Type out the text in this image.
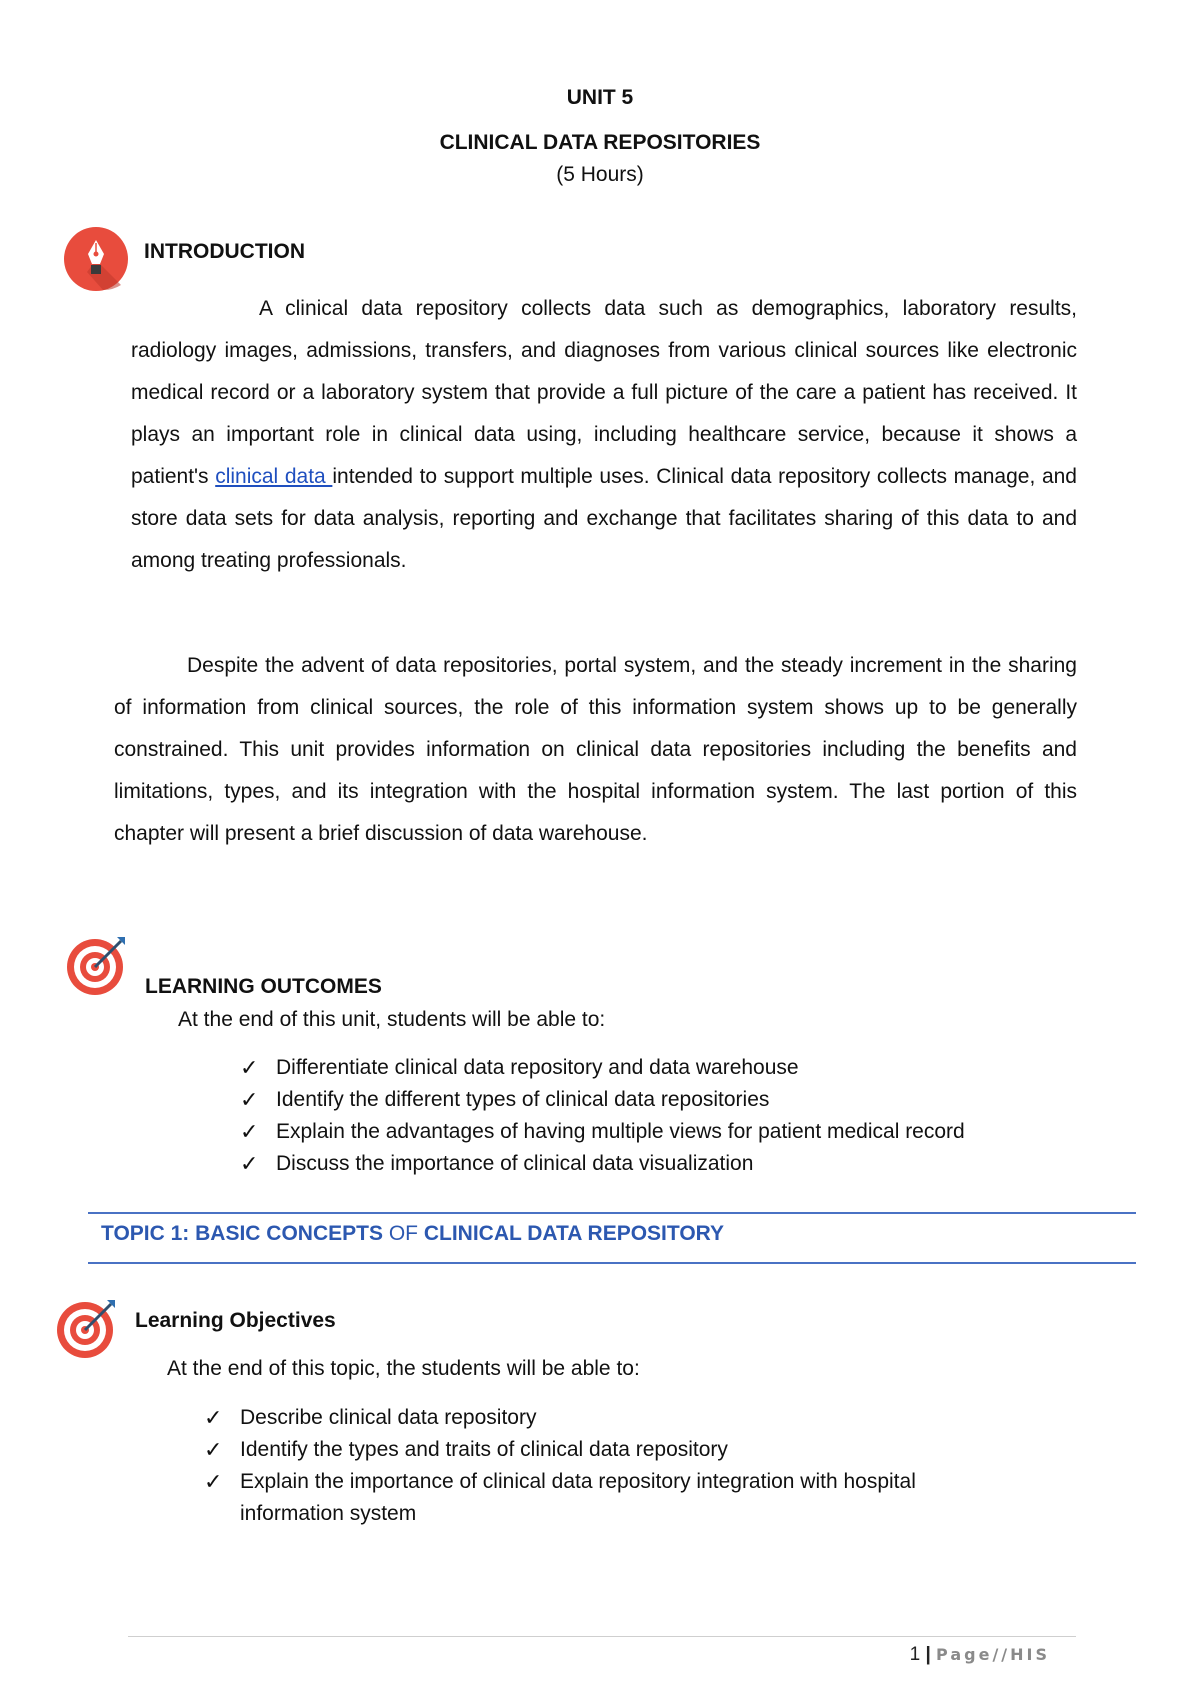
UNIT 5
CLINICAL DATA REPOSITORIES
(5 Hours)
INTRODUCTION
A clinical data repository collects data such as demographics, laboratory results, radiology images, admissions, transfers, and diagnoses from various clinical sources like electronic medical record or a laboratory system that provide a full picture of the care a patient has received. It plays an important role in clinical data using, including healthcare service, because it shows a patient's clinical data intended to support multiple uses. Clinical data repository collects manage, and store data sets for data analysis, reporting and exchange that facilitates sharing of this data to and among treating professionals.
Despite the advent of data repositories, portal system, and the steady increment in the sharing of information from clinical sources, the role of this information system shows up to be generally constrained. This unit provides information on clinical data repositories including the benefits and limitations, types, and its integration with the hospital information system. The last portion of this chapter will present a brief discussion of data warehouse.
LEARNING OUTCOMES
At the end of this unit, students will be able to:
✓ Differentiate clinical data repository and data warehouse
✓ Identify the different types of clinical data repositories
✓ Explain the advantages of having multiple views for patient medical record
✓ Discuss the importance of clinical data visualization
TOPIC 1: BASIC CONCEPTS OF CLINICAL DATA REPOSITORY
Learning Objectives
At the end of this topic, the students will be able to:
✓ Describe clinical data repository
✓ Identify the types and traits of clinical data repository
✓ Explain the importance of clinical data repository integration with hospital information system
1 | Page//HIS
